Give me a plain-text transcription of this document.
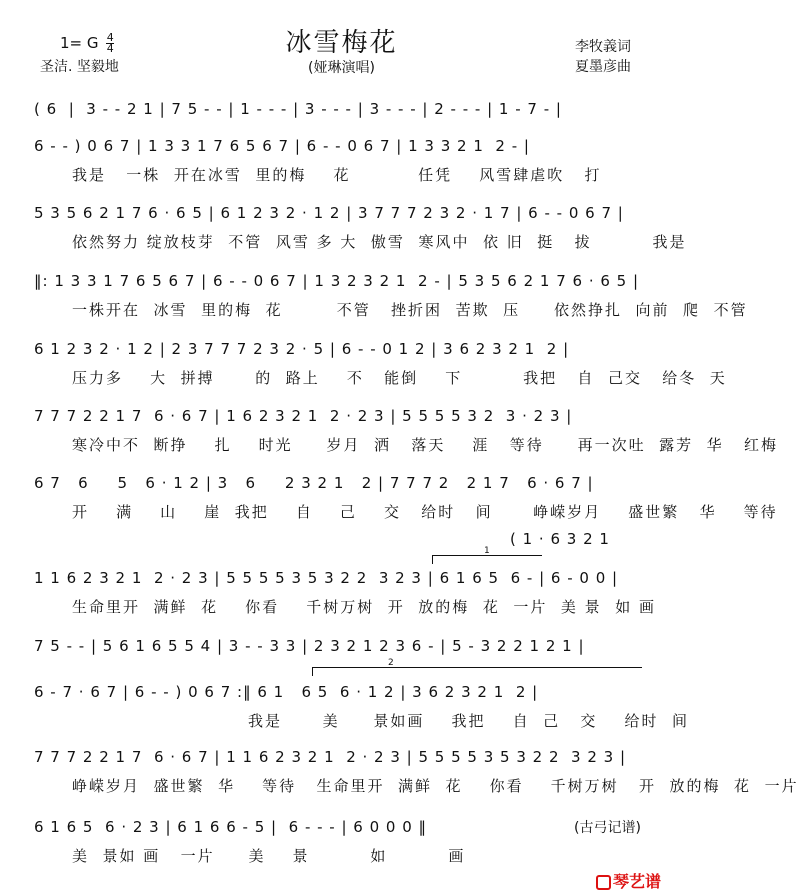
1= G $\frac{4}{4}$	冰雪梅花
(娅琳演唱)
圣洁. 坚毅地
李牧義词
夏墨彦曲
( 6  |  3 - - 2 1 | 7 5 - - | 1 - - - | 3 - - - | 3 - - - | 2 - - - | 1 - 7 - |
6 - - ) 0 6 7 | 1 3 3 1 7 6 5 6 7 | 6 - - 0 6 7 | 1 3 3 2 1  2 - |
我是   一株  开在冰雪  里的梅    花          任凭    风雪肆虐吹   打
5 3 5 6 2 1 7 6 · 6 5 | 6 1 2 3 2 · 1 2 | 3 7 7 7 2 3 2 · 1 7 | 6 - - 0 6 7 |
依然努力 绽放枝芽  不管  风雪 多 大  傲雪  寒风中  依 旧  挺   拔         我是
‖: 1 3 3 1 7 6 5 6 7 | 6 - - 0 6 7 | 1 3 2 3 2 1  2 - | 5 3 5 6 2 1 7 6 · 6 5 |
一株开在  冰雪  里的梅  花        不管   挫折困  苦欺  压     依然挣扎  向前  爬  不管
6 1 2 3 2 · 1 2 | 2 3 7 7 7 2 3 2 · 5 | 6 - - 0 1 2 | 3 6 2 3 2 1  2 |
压力多    大  拼搏      的  路上    不   能倒    下         我把   自  己交   给冬  天
7 7 7 2 2 1 7  6 · 6 7 | 1 6 2 3 2 1  2 · 2 3 | 5 5 5 5 3 2  3 · 2 3 |
寒冷中不  断挣    扎    时光     岁月  洒   落天    涯   等待     再一次吐  露芳  华   红梅
6 7   6     5   6 · 1 2 | 3   6     2 3 2 1   2 | 7 7 7 2   2 1 7   6 · 6 7 |
开    满    山    崖  我把    自    己    交   给时   间      峥嵘岁月    盛世繁   华    等待
( 1 · 6 3 2 1
1 1 6 2 3 2 1  2 · 2 3 | 5 5 5 5 3 5 3 2 2  3 2 3 | 6 1 6 5  6 - | 6 - 0 0 |
生命里开  满鲜  花    你看    千树万树  开  放的梅  花  一片  美 景  如 画
7 5 - - | 5 6 1 6 5 5 4 | 3 - - 3 3 | 2 3 2 1 2 3 6 - | 5 - 3 2 2 1 2 1 |
6 - 7 · 6 7 | 6 - - ) 0 6 7 :‖ 6 1   6 5  6 · 1 2 | 3 6 2 3 2 1  2 |
我是      美     景如画    我把    自  己   交    给时  间
7 7 7 2 2 1 7  6 · 6 7 | 1 1 6 2 3 2 1  2 · 2 3 | 5 5 5 5 3 5 3 2 2  3 2 3 |
峥嵘岁月  盛世繁  华    等待   生命里开  满鲜  花    你看    千树万树   开  放的梅  花  一片
6 1 6 5  6 · 2 3 | 6 1 6 6 - 5 |  6 - - - | 6 0 0 0 ‖
美  景如 画   一片     美    景         如         画
1
2
(古弓记谱)
琴艺谱
